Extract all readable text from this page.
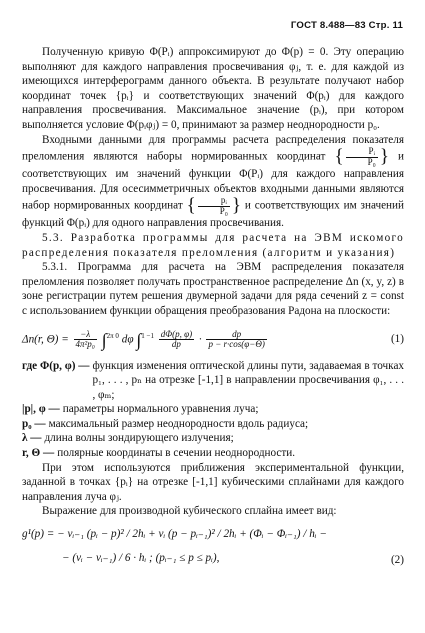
ГОСТ 8.488—83 Стр. 11

Полученную кривую Φ(Pᵢ) аппроксимируют до Φ(p) = 0. Эту операцию выполняют для каждого направления просвечивания φⱼ, т. е. для каждой из имеющихся интерферограмм данного объекта. В результате получают набор координат точек {pᵢ} и соответствующих значений Φ(pᵢ) для каждого направления просвечивания. Максимальное значение (pᵢ), при котором выполняется условие Φ(pᵢφⱼ) = 0, принимают за размер неоднородности p₀.

Входными данными для программы расчета распределения показателя преломления являются наборы нормированных координат { $\frac{\text{Pᵢ}}{\text{P₀}}$ } и соответствующих им значений функции Φ(Pᵢ) для каждого направления просвечивания. Для осесимметричных объектов входными данными являются набор нормированных координат { $\frac{\text{pᵢ}}{\text{P₀}}$ } и соответствующих им значений функций Φ(pᵢ) для одного направления просвечивания.

5.3. Разработка программы для расчета на ЭВМ искомого распределения показателя преломления (алгоритм и указания)

5.3.1. Программа для расчета на ЭВМ распределения показателя преломления позволяет получать пространственное распределение Δn (x, y, z) в зоне регистрации путем решения двумерной задачи для ряда сечений z = const с использованием функции обращения преобразования Радона на плоскости:

Δn(r, $\Theta) = \frac{-\lambda}{\text{4π²p₀}} \int^{2\pi 0}$ dφ $\int^{1 -1} \frac{d\Phi(p, \varphi)}{dp} \cdot \frac{dp}{p - r\cdot\cos(\varphi-\Theta)}$	(1)
где Φ(p, φ) — функция изменения оптической длины пути, задаваемая в точках p₁, . . . , pₙ на отрезке [-1,1] в направлении просвечивания φ₁, . . . , φₘ;
|p|, φ — параметры нормального уравнения луча;
p₀ — максимальный размер неоднородности вдоль радиуса;
λ — длина волны зондирующего излучения;
r, Θ — полярные координаты в сечении неоднородности.

При этом используются приближения экспериментальной функции, заданной в точках {pᵢ} на отрезке [-1,1] кубическими сплайнами для каждого направления луча φⱼ.

Выражение для производной кубического сплайна имеет вид:

g¹(p) = − vᵢ₋₁ (pᵢ − p)² / 2hᵢ + vᵢ (p − pᵢ₋₁)² / 2hᵢ + (Φᵢ − Φᵢ₋₁) / hᵢ −
− (vᵢ − vᵢ₋₁) / 6 · hᵢ ; (pᵢ₋₁ ≤ p ≤ pᵢ),	(2)
